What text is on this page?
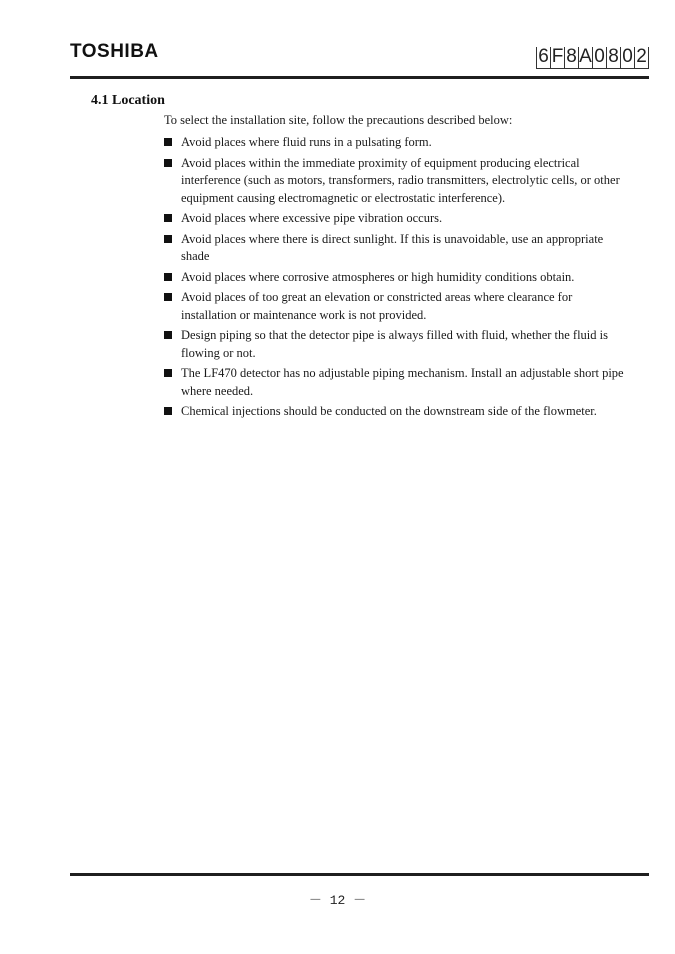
TOSHIBA	6 F 8 A 0 8 0 2
4.1 Location
To select the installation site, follow the precautions described below:
Avoid places where fluid runs in a pulsating form.
Avoid places within the immediate proximity of equipment producing electrical interference (such as motors, transformers, radio transmitters, electrolytic cells, or other equipment causing electromagnetic or electrostatic interference).
Avoid places where excessive pipe vibration occurs.
Avoid places where there is direct sunlight. If this is unavoidable, use an appropriate shade
Avoid places where corrosive atmospheres or high humidity conditions obtain.
Avoid places of too great an elevation or constricted areas where clearance for installation or maintenance work is not provided.
Design piping so that the detector pipe is always filled with fluid, whether the fluid is flowing or not.
The LF470 detector has no adjustable piping mechanism. Install an adjustable short pipe where needed.
Chemical injections should be conducted on the downstream side of the flowmeter.
－ 12 －
